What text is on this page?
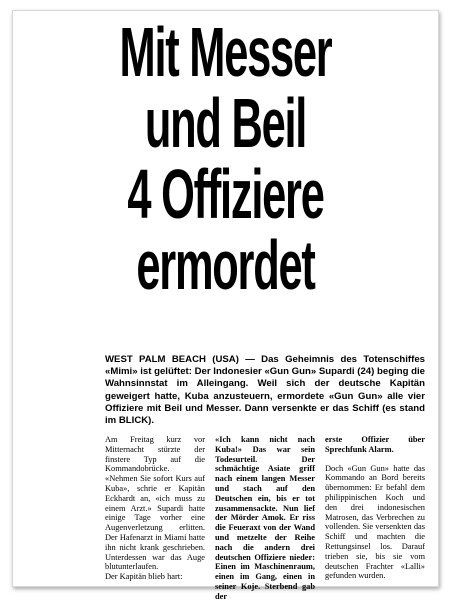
Mit Messer
und Beil
4 Offiziere
ermordet

WEST PALM BEACH (USA) — Das Geheimnis des Totenschiffes «Mimi» ist gelüftet: Der Indonesier «Gun Gun» Supardi (24) beging die Wahnsinnstat im Alleingang. Weil sich der deutsche Kapitän geweigert hatte, Kuba anzusteuern, ermordete «Gun Gun» alle vier Offiziere mit Beil und Messer. Dann versenkte er das Schiff (es stand im BLICK).

Am Freitag kurz vor Mitternacht stürzte der finstere Typ auf die Kommandobrücke.

«Nehmen Sie sofort Kurs auf Kuba», schrie er Kapitän Eckhardt an, «ich muss zu einem Arzt.» Supardi hatte einige Tage vorher eine Augenverletzung erlitten. Der Hafenarzt in Miami hatte ihn nicht krank geschrieben. Unterdessen war das Auge blutunterlaufen.

Der Kapitän blieb hart:

«Ich kann nicht nach Kuba!» Das war sein Todesurteil. Der schmächtige Asiate griff nach einem langen Messer und stach auf den Deutschen ein, bis er tot zusammensackte. Nun lief der Mörder Amok. Er riss die Feueraxt von der Wand und metzelte der Reihe nach die andern drei deutschen Offiziere nieder: Einen im Maschinenraum, einen im Gang, einen in seiner Koje. Sterbend gab der

erste Offizier über Sprechfunk Alarm.

Doch «Gun Gun» hatte das Kommando an Bord bereits übernommen: Er befahl dem philippinischen Koch und den drei indonesischen Matrosen, das Verbrechen zu vollenden. Sie versenkten das Schiff und machten die Rettungsinsel los. Darauf trieben sie, bis sie vom deutschen Frachter «Lalli» gefunden wurden.
